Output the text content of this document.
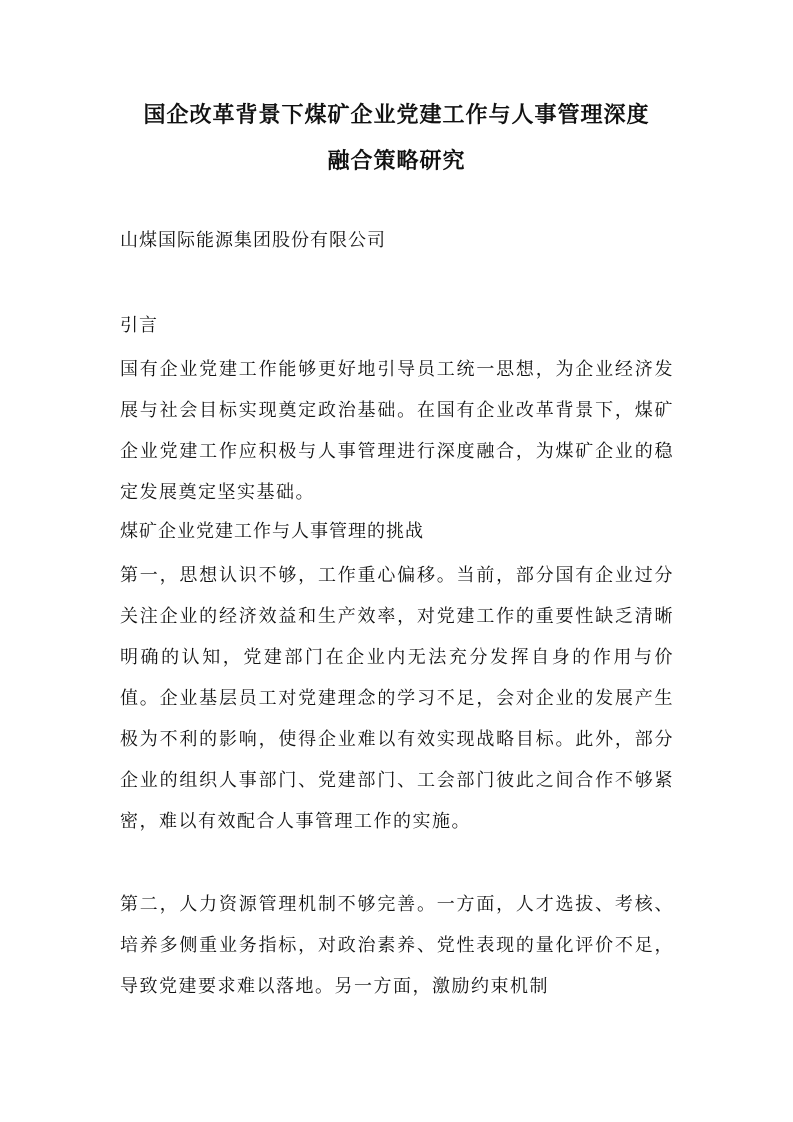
国企改革背景下煤矿企业党建工作与人事管理深度
融合策略研究

山煤国际能源集团股份有限公司

引言

国有企业党建工作能够更好地引导员工统一思想，为企业经济发展与社会目标实现奠定政治基础。在国有企业改革背景下，煤矿企业党建工作应积极与人事管理进行深度融合，为煤矿企业的稳定发展奠定坚实基础。

煤矿企业党建工作与人事管理的挑战

第一，思想认识不够，工作重心偏移。当前，部分国有企业过分关注企业的经济效益和生产效率，对党建工作的重要性缺乏清晰明确的认知，党建部门在企业内无法充分发挥自身的作用与价值。企业基层员工对党建理念的学习不足，会对企业的发展产生极为不利的影响，使得企业难以有效实现战略目标。此外，部分企业的组织人事部门、党建部门、工会部门彼此之间合作不够紧密，难以有效配合人事管理工作的实施。

第二，人力资源管理机制不够完善。一方面，人才选拔、考核、培养多侧重业务指标，对政治素养、党性表现的量化评价不足，导致党建要求难以落地。另一方面，激励约束机制
